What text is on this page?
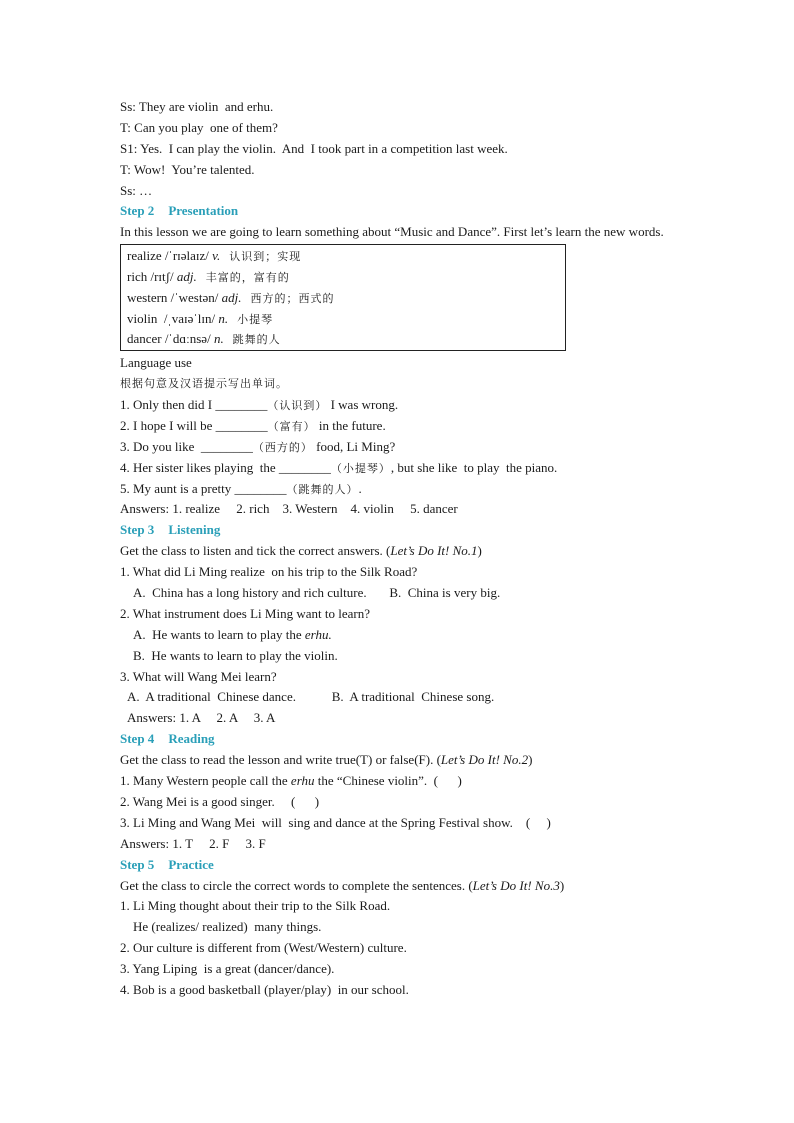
Ss: They are violin  and erhu.
T: Can you play  one of them?
S1: Yes.  I can play the violin.  And  I took part in a competition last week.
T: Wow!  You’re talented.
Ss: …
Step 2 Presentation
In this lesson we are going to learn something about “Music and Dance”. First let’s learn the new words.
realize /ˈrɪəlaɪz/ v.  认识到；实现
rich /rɪtʃ/ adj.  丰富的，富有的
western /ˈwestən/ adj.  西方的；西式的
violin  /ˌvaɪəˈlɪn/ n.  小提琴
dancer /ˈdɑːnsə/ n.  跳舞的人
Language use
根据句意及汉语提示写出单词。
1. Only then did I ________（认识到） I was wrong.
2. I hope I will be ________（富有） in the future.
3. Do you like  ________（西方的） food, Li Ming?
4. Her sister likes playing  the ________（小提琴）, but she like  to play  the piano.
5. My aunt is a pretty ________（跳舞的人）.
Answers: 1. realize     2. rich    3. Western    4. violin     5. dancer
Step 3 Listening
Get the class to listen and tick the correct answers. (Let’s Do It! No.1)
1. What did Li Ming realize  on his trip to the Silk Road?
A.  China has a long history and rich culture.       B.  China is very big.
2. What instrument does Li Ming want to learn?
A.  He wants to learn to play the erhu.
B.  He wants to learn to play the violin.
3. What will Wang Mei learn?
A.  A traditional  Chinese dance.           B.  A traditional  Chinese song.
Answers: 1. A     2. A     3. A
Step 4 Reading
Get the class to read the lesson and write true(T) or false(F). (Let’s Do It! No.2)
1. Many Western people call the erhu the “Chinese violin”.  (      )
2. Wang Mei is a good singer.     (      )
3. Li Ming and Wang Mei  will  sing and dance at the Spring Festival show.    (     )
Answers: 1. T     2. F     3. F
Step 5 Practice
Get the class to circle the correct words to complete the sentences. (Let’s Do It! No.3)
1. Li Ming thought about their trip to the Silk Road.
He (realizes/ realized)  many things.
2. Our culture is different from (West/Western) culture.
3. Yang Liping  is a great (dancer/dance).
4. Bob is a good basketball (player/play)  in our school.
